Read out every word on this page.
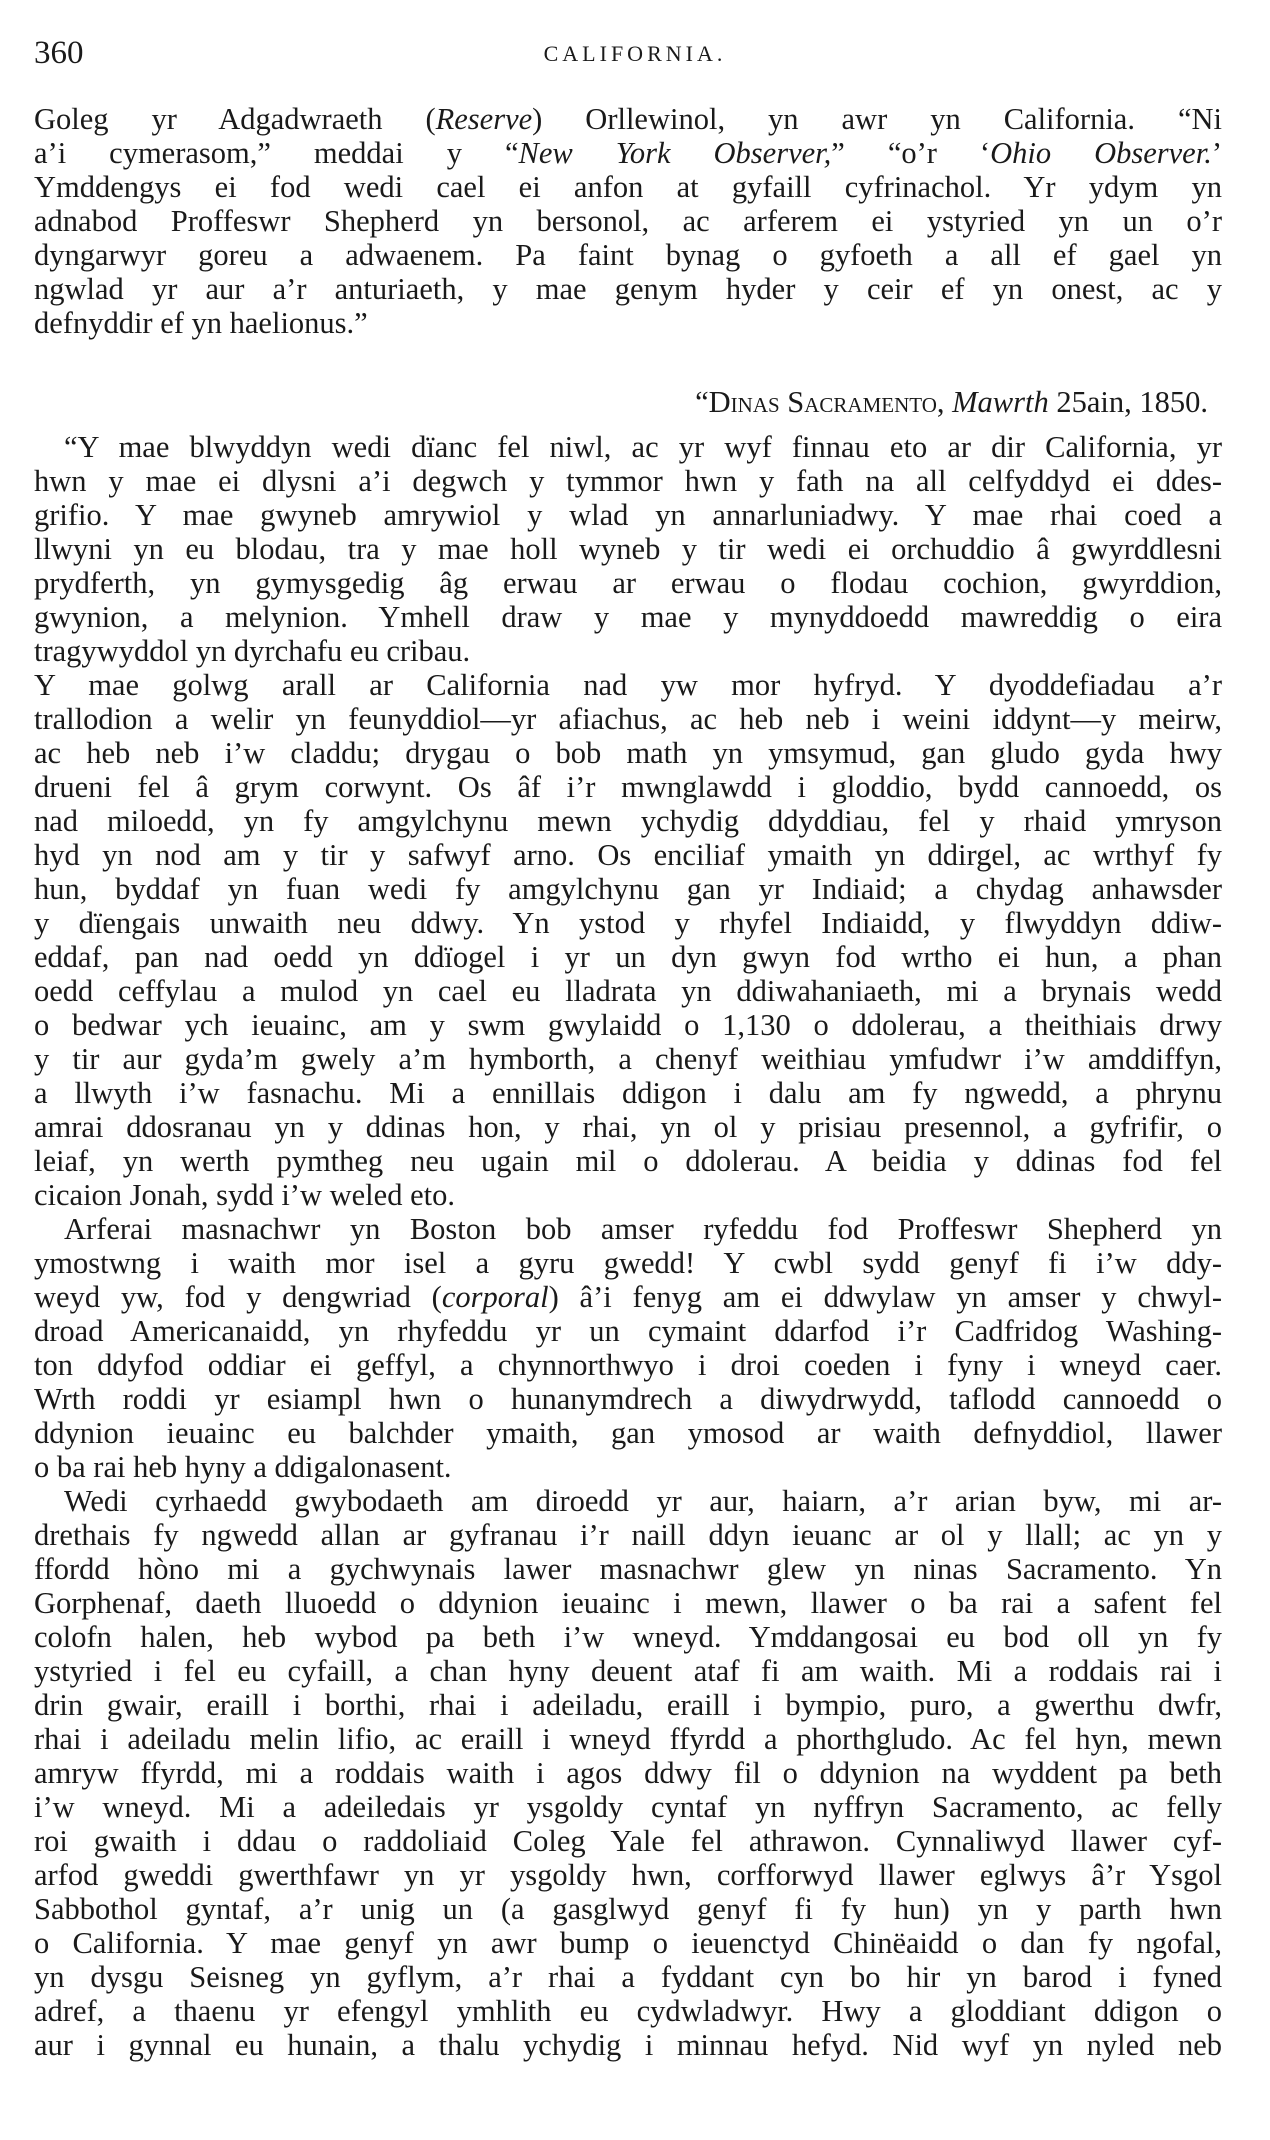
360	CALIFORNIA.
Goleg yr Adgadwraeth (Reserve) Orllewinol, yn awr yn California. “Ni
a’i cymerasom,” meddai y “New York Observer,” “o’r ‘Ohio Observer.’
Ymddengys ei fod wedi cael ei anfon at gyfaill cyfrinachol. Yr ydym yn
adnabod Proffeswr Shepherd yn bersonol, ac arferem ei ystyried yn un o’r
dyngarwyr goreu a adwaenem. Pa faint bynag o gyfoeth a all ef gael yn
ngwlad yr aur a’r anturiaeth, y mae genym hyder y ceir ef yn onest, ac y
defnyddir ef yn haelionus.”
“Dinas Sacramento, Mawrth 25ain, 1850.
“Y mae blwyddyn wedi dïanc fel niwl, ac yr wyf finnau eto ar dir California, yr
hwn y mae ei dlysni a’i degwch y tymmor hwn y fath na all celfyddyd ei ddes-
grifio. Y mae gwyneb amrywiol y wlad yn annarluniadwy. Y mae rhai coed a
llwyni yn eu blodau, tra y mae holl wyneb y tir wedi ei orchuddio â gwyrddlesni
prydferth, yn gymysgedig âg erwau ar erwau o flodau cochion, gwyrddion,
gwynion, a melynion. Ymhell draw y mae y mynyddoedd mawreddig o eira
tragywyddol yn dyrchafu eu cribau.
Y mae golwg arall ar California nad yw mor hyfryd. Y dyoddefiadau a’r
trallodion a welir yn feunyddiol—yr afiachus, ac heb neb i weini iddynt—y meirw,
ac heb neb i’w claddu; drygau o bob math yn ymsymud, gan gludo gyda hwy
drueni fel â grym corwynt. Os âf i’r mwnglawdd i gloddio, bydd cannoedd, os
nad miloedd, yn fy amgylchynu mewn ychydig ddyddiau, fel y rhaid ymryson
hyd yn nod am y tir y safwyf arno. Os enciliaf ymaith yn ddirgel, ac wrthyf fy
hun, byddaf yn fuan wedi fy amgylchynu gan yr Indiaid; a chydag anhawsder
y dïengais unwaith neu ddwy. Yn ystod y rhyfel Indiaidd, y flwyddyn ddiw-
eddaf, pan nad oedd yn ddïogel i yr un dyn gwyn fod wrtho ei hun, a phan
oedd ceffylau a mulod yn cael eu lladrata yn ddiwahaniaeth, mi a brynais wedd
o bedwar ych ieuainc, am y swm gwylaidd o 1,130 o ddolerau, a theithiais drwy
y tir aur gyda’m gwely a’m hymborth, a chenyf weithiau ymfudwr i’w amddiffyn,
a llwyth i’w fasnachu. Mi a ennillais ddigon i dalu am fy ngwedd, a phrynu
amrai ddosranau yn y ddinas hon, y rhai, yn ol y prisiau presennol, a gyfrifir, o
leiaf, yn werth pymtheg neu ugain mil o ddolerau. A beidia y ddinas fod fel
cicaion Jonah, sydd i’w weled eto.
Arferai masnachwr yn Boston bob amser ryfeddu fod Proffeswr Shepherd yn
ymostwng i waith mor isel a gyru gwedd! Y cwbl sydd genyf fi i’w ddy-
weyd yw, fod y dengwriad (corporal) â’i fenyg am ei ddwylaw yn amser y chwyl-
droad Americanaidd, yn rhyfeddu yr un cymaint ddarfod i’r Cadfridog Washing-
ton ddyfod oddiar ei geffyl, a chynnorthwyo i droi coeden i fyny i wneyd caer.
Wrth roddi yr esiampl hwn o hunanymdrech a diwydrwydd, taflodd cannoedd o
ddynion ieuainc eu balchder ymaith, gan ymosod ar waith defnyddiol, llawer
o ba rai heb hyny a ddigalonasent.
Wedi cyrhaedd gwybodaeth am diroedd yr aur, haiarn, a’r arian byw, mi ar-
drethais fy ngwedd allan ar gyfranau i’r naill ddyn ieuanc ar ol y llall; ac yn y
ffordd hòno mi a gychwynais lawer masnachwr glew yn ninas Sacramento. Yn
Gorphenaf, daeth lluoedd o ddynion ieuainc i mewn, llawer o ba rai a safent fel
colofn halen, heb wybod pa beth i’w wneyd. Ymddangosai eu bod oll yn fy
ystyried i fel eu cyfaill, a chan hyny deuent ataf fi am waith. Mi a roddais rai i
drin gwair, eraill i borthi, rhai i adeiladu, eraill i bympio, puro, a gwerthu dwfr,
rhai i adeiladu melin lifio, ac eraill i wneyd ffyrdd a phorthgludo. Ac fel hyn, mewn
amryw ffyrdd, mi a roddais waith i agos ddwy fil o ddynion na wyddent pa beth
i’w wneyd. Mi a adeiledais yr ysgoldy cyntaf yn nyffryn Sacramento, ac felly
roi gwaith i ddau o raddoliaid Coleg Yale fel athrawon. Cynnaliwyd llawer cyf-
arfod gweddi gwerthfawr yn yr ysgoldy hwn, corfforwyd llawer eglwys â’r Ysgol
Sabbothol gyntaf, a’r unig un (a gasglwyd genyf fi fy hun) yn y parth hwn
o California. Y mae genyf yn awr bump o ieuenctyd Chinëaidd o dan fy ngofal,
yn dysgu Seisneg yn gyflym, a’r rhai a fyddant cyn bo hir yn barod i fyned
adref, a thaenu yr efengyl ymhlith eu cydwladwyr. Hwy a gloddiant ddigon o
aur i gynnal eu hunain, a thalu ychydig i minnau hefyd. Nid wyf yn nyled neb
